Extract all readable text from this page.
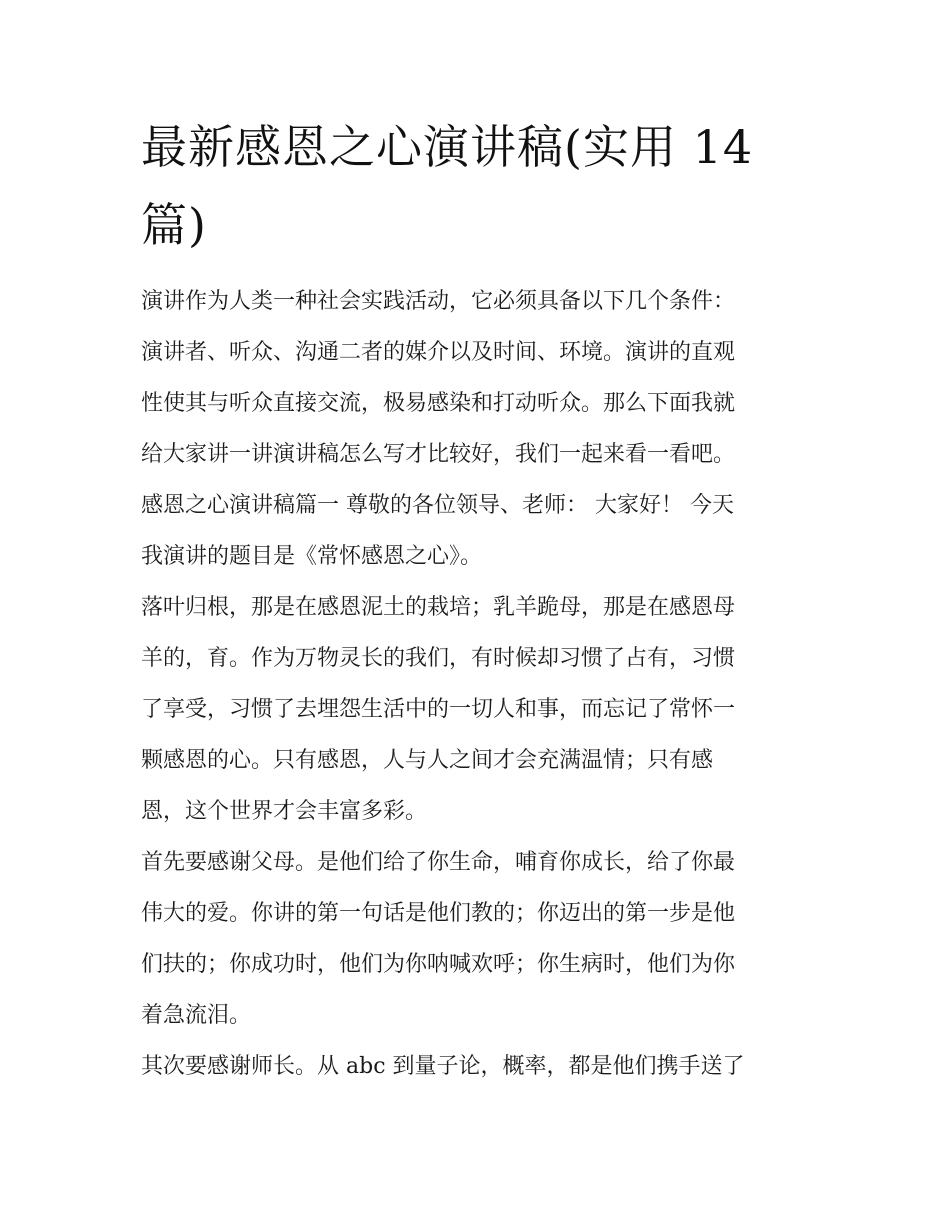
最新感恩之心演讲稿(实用 14
篇)
演讲作为人类一种社会实践活动，它必须具备以下几个条件：
演讲者、听众、沟通二者的媒介以及时间、环境。演讲的直观
性使其与听众直接交流，极易感染和打动听众。那么下面我就
给大家讲一讲演讲稿怎么写才比较好，我们一起来看一看吧。
感恩之心演讲稿篇一 尊敬的各位领导、老师： 大家好！ 今天
我演讲的题目是《常怀感恩之心》。
落叶归根，那是在感恩泥土的栽培；乳羊跪母，那是在感恩母
羊的，育。作为万物灵长的我们，有时候却习惯了占有，习惯
了享受，习惯了去埋怨生活中的一切人和事，而忘记了常怀一
颗感恩的心。只有感恩，人与人之间才会充满温情；只有感
恩，这个世界才会丰富多彩。
首先要感谢父母。是他们给了你生命，哺育你成长，给了你最
伟大的爱。你讲的第一句话是他们教的；你迈出的第一步是他
们扶的；你成功时，他们为你呐喊欢呼；你生病时，他们为你
着急流泪。
其次要感谢师长。从 abc 到量子论，概率，都是他们携手送了
